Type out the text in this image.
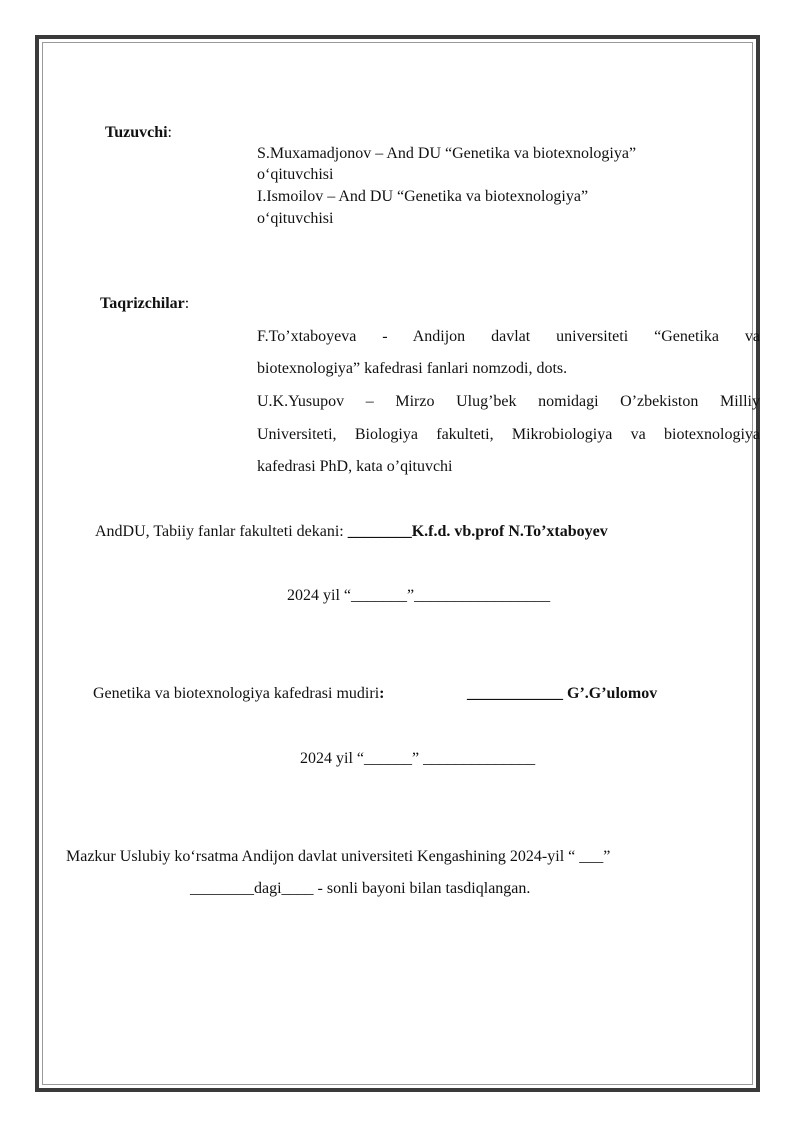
Tuzuvchi:
S.Muxamadjonov – And DU “Genetika va biotexnologiya”
o‘qituvchisi
I.Ismoilov – And DU “Genetika va biotexnologiya”
o‘qituvchisi
Taqrizchilar:
F.To’xtaboyeva - Andijon davlat universiteti “Genetika va
biotexnologiya” kafedrasi fanlari nomzodi, dots.
U.K.Yusupov – Mirzo Ulug’bek nomidagi O’zbekiston Milliy
Universiteti, Biologiya fakulteti, Mikrobiologiya va biotexnologiya
kafedrasi PhD, kata o’qituvchi
AndDU, Tabiiy fanlar fakulteti dekani: ________K.f.d. vb.prof N.To’xtaboyev
2024 yil “_______”_________________
Genetika va biotexnologiya kafedrasi mudiri:	____________ G’.G’ulomov
2024 yil “______” ______________
Mazkur Uslubiy ko‘rsatma Andijon davlat universiteti Kengashining 2024-yil “ ___”
________dagi____ - sonli bayoni bilan tasdiqlangan.
